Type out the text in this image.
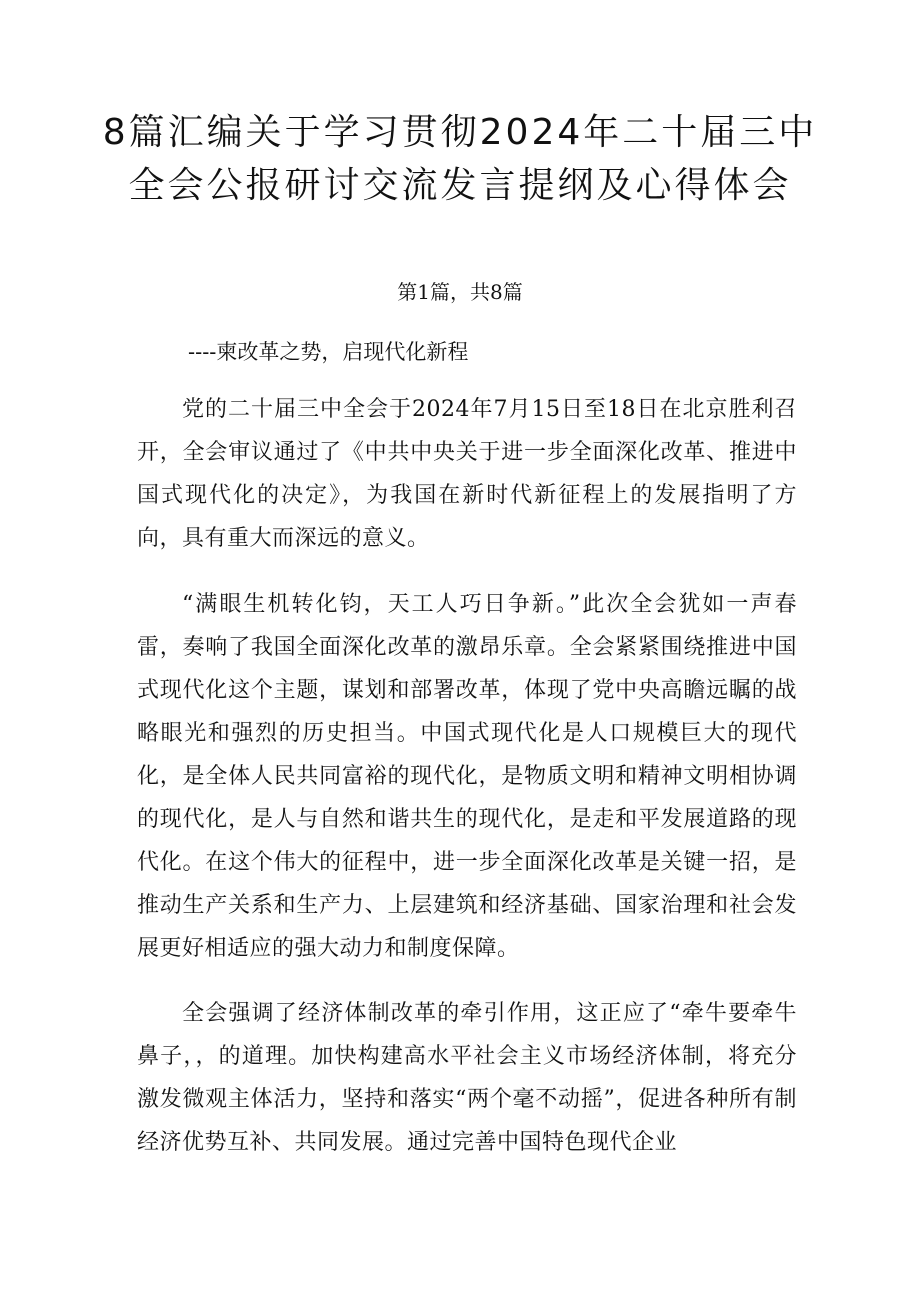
8篇汇编关于学习贯彻2024年二十届三中
全会公报研讨交流发言提纲及心得体会

第1篇，共8篇

----柬改革之势，启现代化新程

党的二十届三中全会于2024年7月15日至18日在北京胜利召开，全会审议通过了《中共中央关于进一步全面深化改革、推进中国式现代化的决定》，为我国在新时代新征程上的发展指明了方向，具有重大而深远的意义。

“满眼生机转化钧，天工人巧日争新。”此次全会犹如一声春雷，奏响了我国全面深化改革的激昂乐章。全会紧紧围绕推进中国式现代化这个主题，谋划和部署改革，体现了党中央高瞻远瞩的战略眼光和强烈的历史担当。中国式现代化是人口规模巨大的现代化，是全体人民共同富裕的现代化，是物质文明和精神文明相协调的现代化，是人与自然和谐共生的现代化，是走和平发展道路的现代化。在这个伟大的征程中，进一步全面深化改革是关键一招，是推动生产关系和生产力、上层建筑和经济基础、国家治理和社会发展更好相适应的强大动力和制度保障。

全会强调了经济体制改革的牵引作用，这正应了“牵牛要牵牛鼻子，，的道理。加快构建高水平社会主义市场经济体制，将充分激发微观主体活力，坚持和落实“两个毫不动摇”，促进各种所有制经济优势互补、共同发展。通过完善中国特色现代企业
